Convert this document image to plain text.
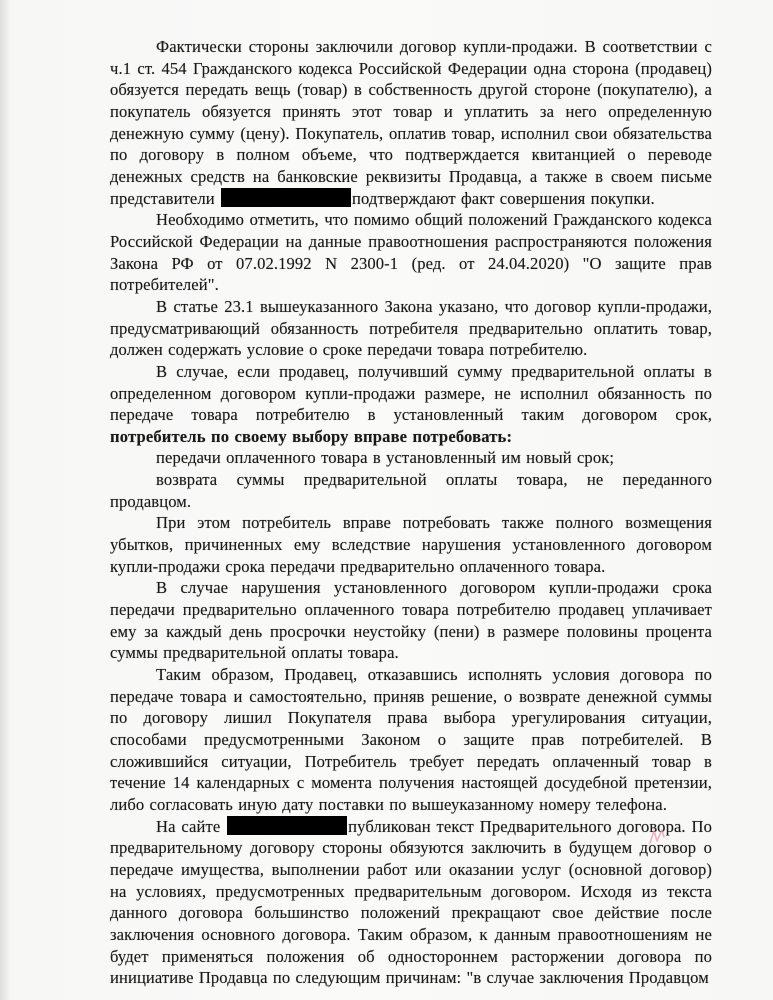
Фактически стороны заключили договор купли-продажи. В соответствии с ч.1 ст. 454 Гражданского кодекса Российской Федерации одна сторона (продавец) обязуется передать вещь (товар) в собственность другой стороне (покупателю), а покупатель обязуется принять этот товар и уплатить за него определенную денежную сумму (цену). Покупатель, оплатив товар, исполнил свои обязательства по договору в полном объеме, что подтверждается квитанцией о переводе денежных средств на банковские реквизиты Продавца, а также в своем письме представители	подтверждают факт совершения покупки.

Необходимо отметить, что помимо общий положений Гражданского кодекса Российской Федерации на данные правоотношения распространяются положения Закона РФ от 07.02.1992 N 2300-1 (ред. от 24.04.2020) "О защите прав потребителей".

В статье 23.1 вышеуказанного Закона указано, что договор купли-продажи, предусматривающий обязанность потребителя предварительно оплатить товар, должен содержать условие о сроке передачи товара потребителю.

В случае, если продавец, получивший сумму предварительной оплаты в определенном договором купли-продажи размере, не исполнил обязанность по передаче товара потребителю в установленный таким договором срок, потребитель по своему выбору вправе потребовать:

передачи оплаченного товара в установленный им новый срок;

возврата суммы предварительной оплаты товара, не переданного продавцом.

При этом потребитель вправе потребовать также полного возмещения убытков, причиненных ему вследствие нарушения установленного договором купли-продажи срока передачи предварительно оплаченного товара.

В случае нарушения установленного договором купли-продажи срока передачи предварительно оплаченного товара потребителю продавец уплачивает ему за каждый день просрочки неустойку (пени) в размере половины процента суммы предварительной оплаты товара.

Таким образом, Продавец, отказавшись исполнять условия договора по передаче товара и самостоятельно, приняв решение, о возврате денежной суммы по договору лишил Покупателя права выбора урегулирования ситуации, способами предусмотренными Законом о защите прав потребителей. В сложившийся ситуации, Потребитель требует передать оплаченный товар в течение 14 календарных с момента получения настоящей досудебной претензии, либо согласовать иную дату поставки по вышеуказанному номеру телефона.

На сайте	публикован текст Предварительного договора. По предварительному договору стороны обязуются заключить в будущем договор о передаче имущества, выполнении работ или оказании услуг (основной договор) на условиях, предусмотренных предварительным договором. Исходя из текста данного договора большинство положений прекращают свое действие после заключения основного договора. Таким образом, к данным правоотношениям не будет применяться положения об одностороннем расторжении договора по инициативе Продавца по следующим причинам: "в случае заключения Продавцом
